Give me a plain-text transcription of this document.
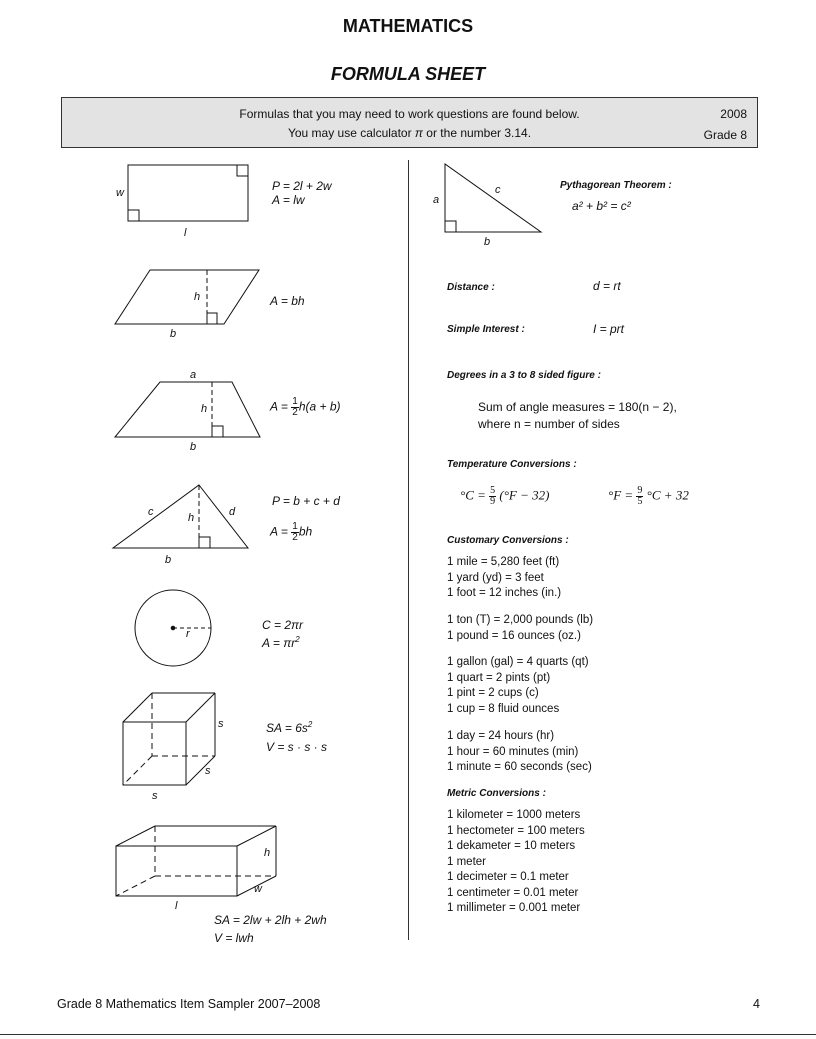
MATHEMATICS
FORMULA SHEET
Formulas that you may need to work questions are found below.
You may use calculator π or the number 3.14.
2008
Grade 8
w
l
P = 2l + 2w
A = lw
h
b
A = bh
a
h
b
$A = \frac{1}{2} h(a + b)$
c	h	d
b
P = b + c + d
$A = \frac{1}{2}$ bh
r
C = 2πr
$A = \pi r^2$
s
s
s
SA = $6s^2$
V = s · s · s
h
w
l
SA = 2lw + 2lh + 2wh
V = lwh
a
c
b
Pythagorean Theorem :
a² + b² = c²
Distance :	d = rt
Simple Interest :	I = prt
Degrees in a 3 to 8 sided figure :
Sum of angle measures = 180(n − 2),
where n = number of sides
Temperature Conversions :
$^\circ C = \frac{5}{9} (^\circ F - 32)$	$^\circ F = \frac{9}{5} ^\circ C + 32$
Customary Conversions :
1 mile = 5,280 feet (ft)
1 yard (yd) = 3 feet
1 foot = 12 inches (in.)
1 ton (T) = 2,000 pounds (lb)
1 pound = 16 ounces (oz.)
1 gallon (gal) = 4 quarts (qt)
1 quart = 2 pints (pt)
1 pint = 2 cups (c)
1 cup = 8 fluid ounces
1 day = 24 hours (hr)
1 hour = 60 minutes (min)
1 minute = 60 seconds (sec)
Metric Conversions :
1 kilometer = 1000 meters
1 hectometer = 100 meters
1 dekameter = 10 meters
1 meter
1 decimeter = 0.1 meter
1 centimeter = 0.01 meter
1 millimeter = 0.001 meter
Grade 8 Mathematics Item Sampler 2007–2008	4
